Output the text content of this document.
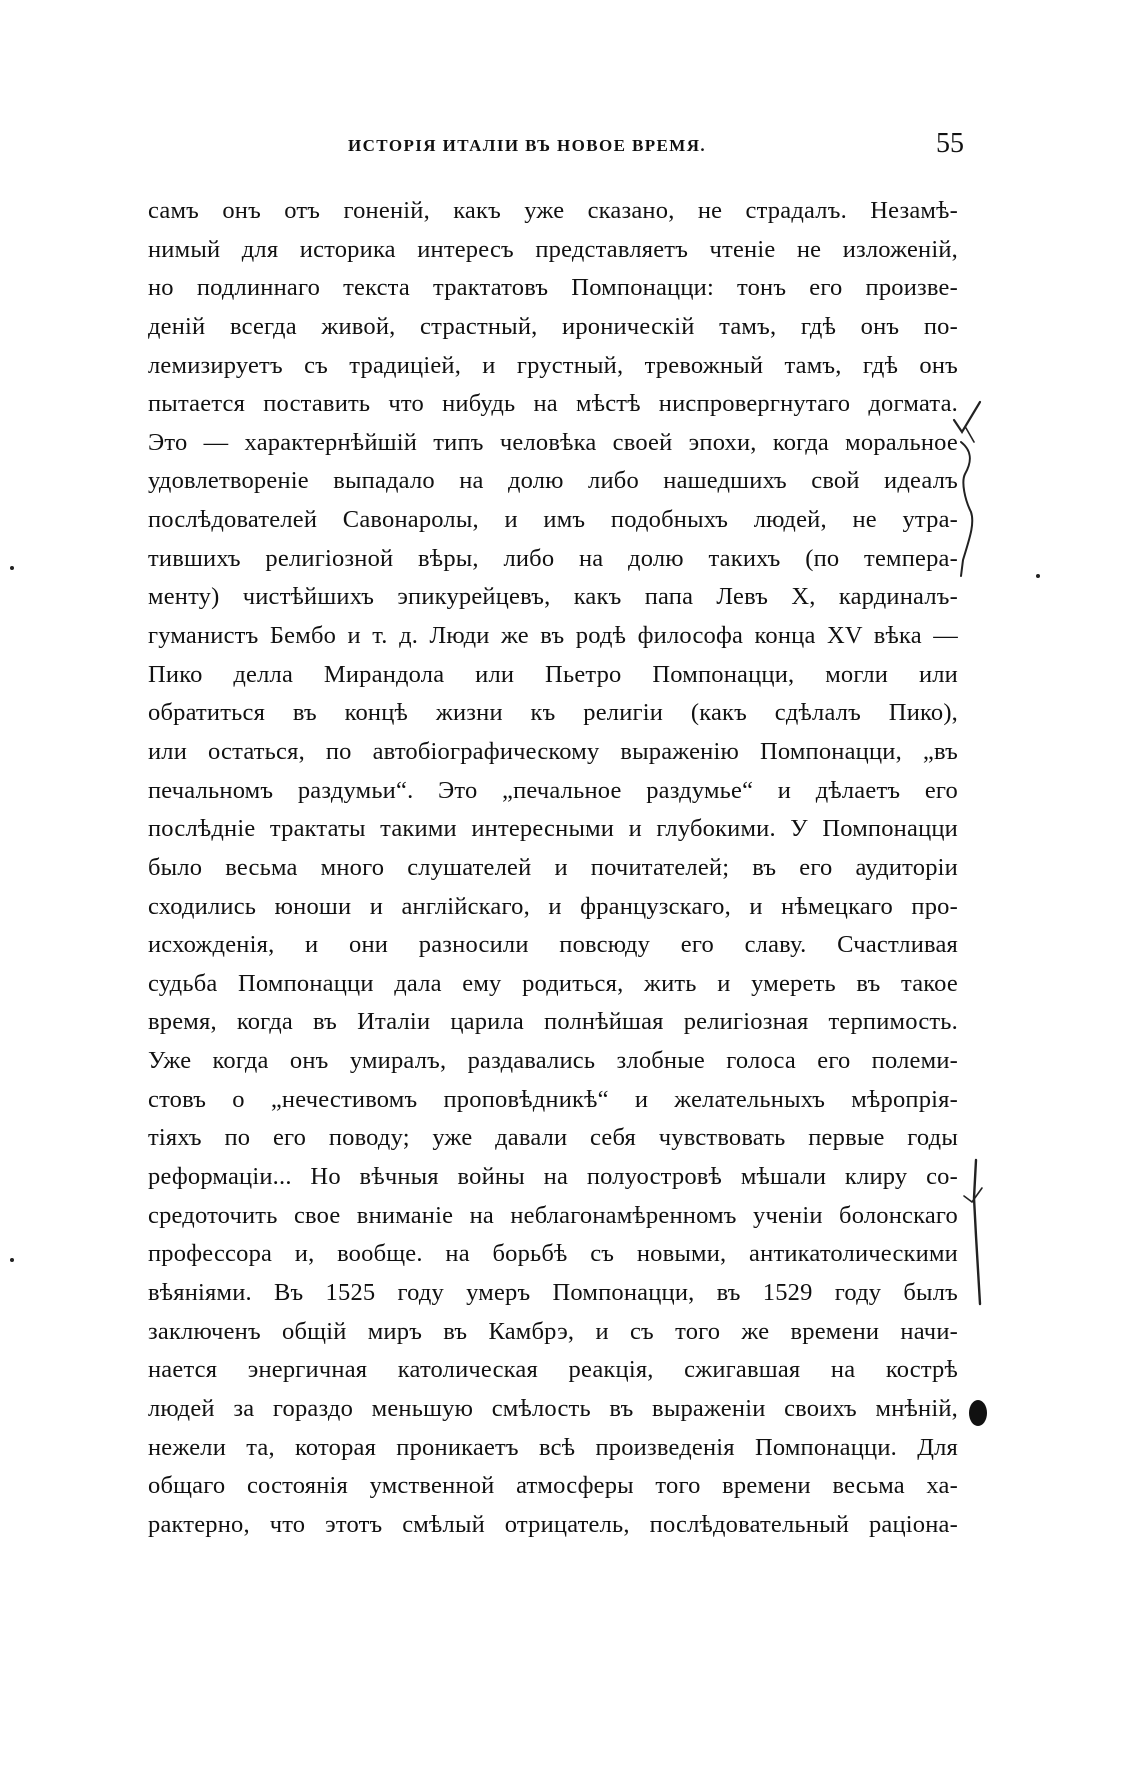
ИСТОРІЯ ИТАЛІИ ВЪ НОВОЕ ВРЕМЯ.	55
самъ онъ отъ гоненій, какъ уже сказано, не страдалъ. Незамѣ-
нимый для историка интересъ представляетъ чтеніе не изложеній,
но подлиннаго текста трактатовъ Помпонацци: тонъ его произве-
деній всегда живой, страстный, ироническій тамъ, гдѣ онъ по-
лемизируетъ съ традиціей, и грустный, тревожный тамъ, гдѣ онъ
пытается поставить что нибудь на мѣстѣ ниспровергнутаго догмата.
Это — характернѣйшій типъ человѣка своей эпохи, когда моральное
удовлетвореніе выпадало на долю либо нашедшихъ свой идеалъ
послѣдователей Савонаролы, и имъ подобныхъ людей, не утра-
тившихъ религіозной вѣры, либо на долю такихъ (по темпера-
менту) чистѣйшихъ эпикурейцевъ, какъ папа Левъ X, кардиналъ-
гуманистъ Бембо и т. д. Люди же въ родѣ философа конца XV вѣка —
Пико делла Мирандола или Пьетро Помпонацци, могли или
обратиться въ концѣ жизни къ религіи (какъ сдѣлалъ Пико),
или остаться, по автобіографическому выраженію Помпонацци, „въ
печальномъ раздумьи“. Это „печальное раздумье“ и дѣлаетъ его
послѣдніе трактаты такими интересными и глубокими. У Помпонацци
было весьма много слушателей и почитателей; въ его аудиторіи
сходились юноши и англійскаго, и французскаго, и нѣмецкаго про-
исхожденія, и они разносили повсюду его славу. Счастливая
судьба Помпонацци дала ему родиться, жить и умереть въ такое
время, когда въ Италіи царила полнѣйшая религіозная терпимость.
Уже когда онъ умиралъ, раздавались злобные голоса его полеми-
стовъ о „нечестивомъ проповѣдникѣ“ и желательныхъ мѣропрія-
тіяхъ по его поводу; уже давали себя чувствовать первые годы
реформаціи... Но вѣчныя войны на полуостровѣ мѣшали клиру со-
средоточить свое вниманіе на неблагонамѣренномъ ученіи болонскаго
профессора и, вообще. на борьбѣ съ новыми, антикатолическими
вѣяніями. Въ 1525 году умеръ Помпонацци, въ 1529 году былъ
заключенъ общій миръ въ Камбрэ, и съ того же времени начи-
нается энергичная католическая реакція, сжигавшая на кострѣ
людей за гораздо меньшую смѣлость въ выраженіи своихъ мнѣній,
нежели та, которая проникаетъ всѣ произведенія Помпонацци. Для
общаго состоянія умственной атмосферы того времени весьма ха-
рактерно, что этотъ смѣлый отрицатель, послѣдовательный раціона-
